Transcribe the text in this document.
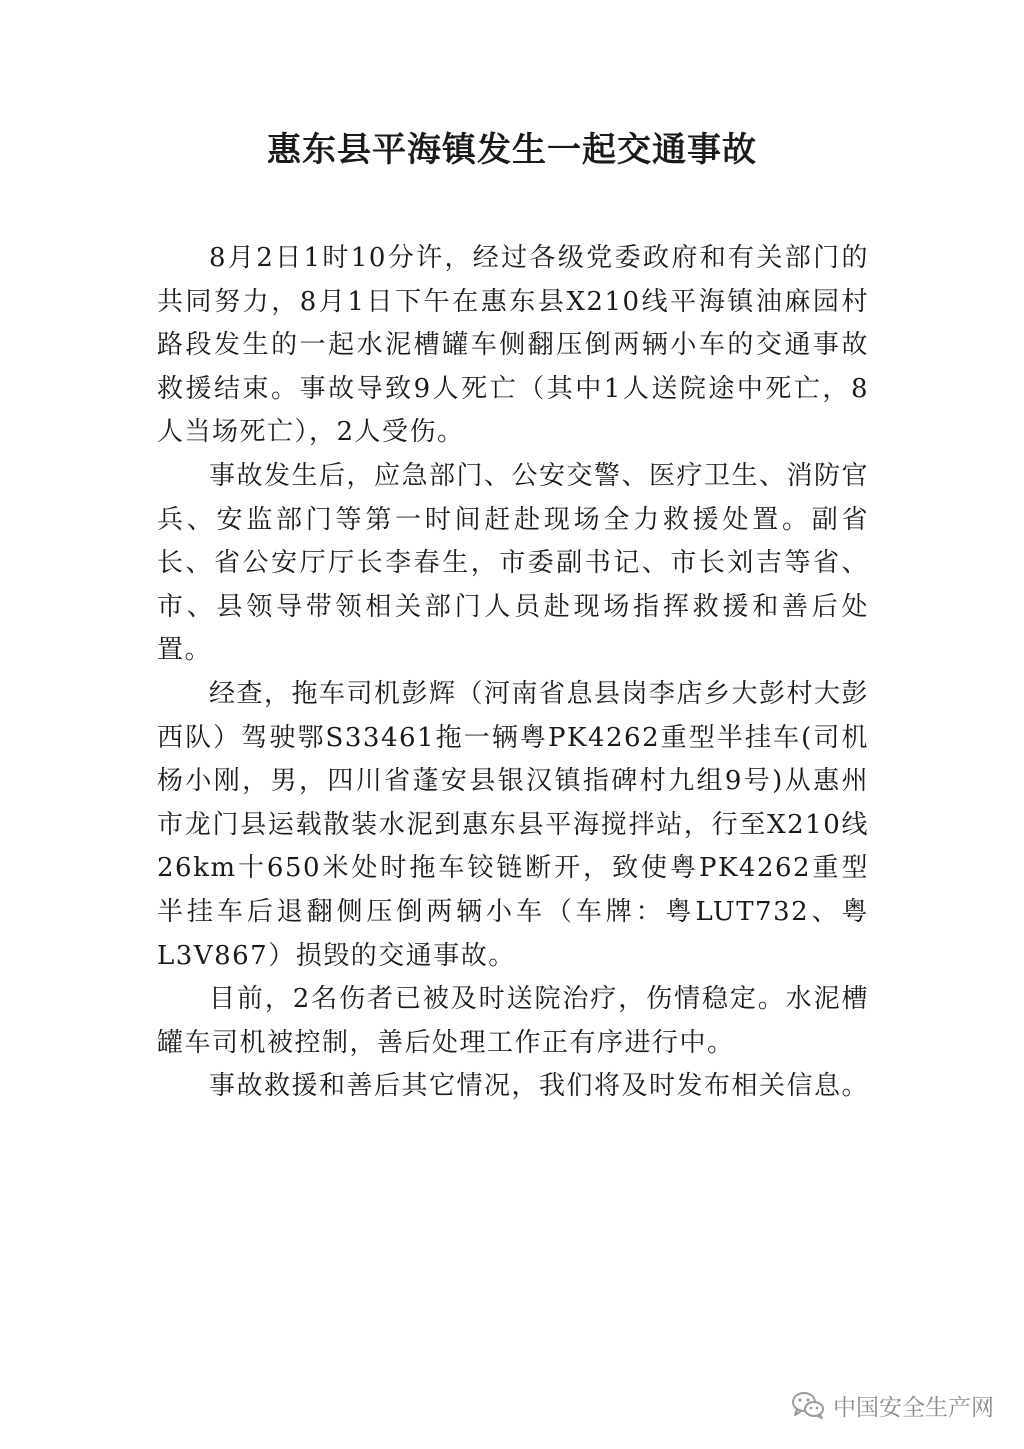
惠东县平海镇发生一起交通事故

8月2日1时10分许，经过各级党委政府和有关部门的共同努力，8月1日下午在惠东县X210线平海镇油麻园村路段发生的一起水泥槽罐车侧翻压倒两辆小车的交通事故救援结束。事故导致9人死亡（其中1人送院途中死亡，8人当场死亡），2人受伤。

事故发生后，应急部门、公安交警、医疗卫生、消防官兵、安监部门等第一时间赶赴现场全力救援处置。副省长、省公安厅厅长李春生，市委副书记、市长刘吉等省、市、县领导带领相关部门人员赴现场指挥救援和善后处置。

经查，拖车司机彭辉（河南省息县岗李店乡大彭村大彭西队）驾驶鄂S33461拖一辆粤PK4262重型半挂车(司机杨小刚，男，四川省蓬安县银汉镇指碑村九组9号)从惠州市龙门县运载散装水泥到惠东县平海搅拌站，行至X210线26km十650米处时拖车铰链断开，致使粤PK4262重型半挂车后退翻侧压倒两辆小车（车牌：粤LUT732、粤L3V867）损毁的交通事故。

目前，2名伤者已被及时送院治疗，伤情稳定。水泥槽罐车司机被控制，善后处理工作正有序进行中。

事故救援和善后其它情况，我们将及时发布相关信息。

中国安全生产网
